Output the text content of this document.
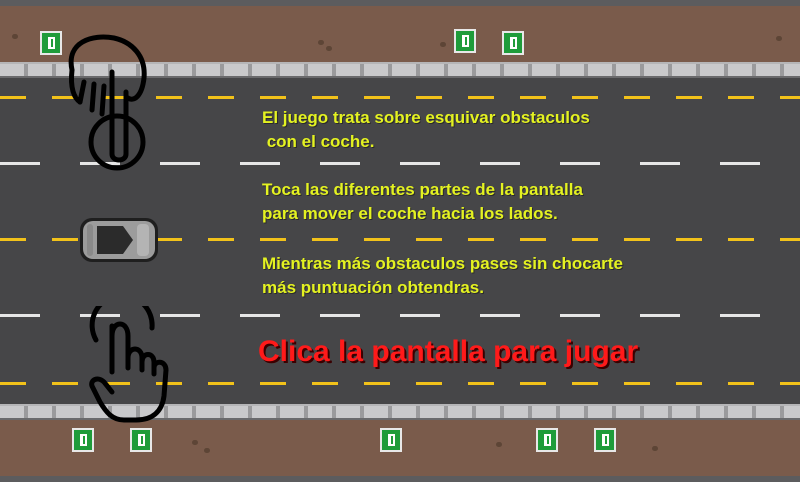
El juego trata sobre esquivar obstaculos
con el coche.
Toca las diferentes partes de la pantalla
para mover el coche hacia los lados.
Mientras más obstaculos pases sin chocarte
más puntuación obtendras.
Clica la pantalla para jugar
